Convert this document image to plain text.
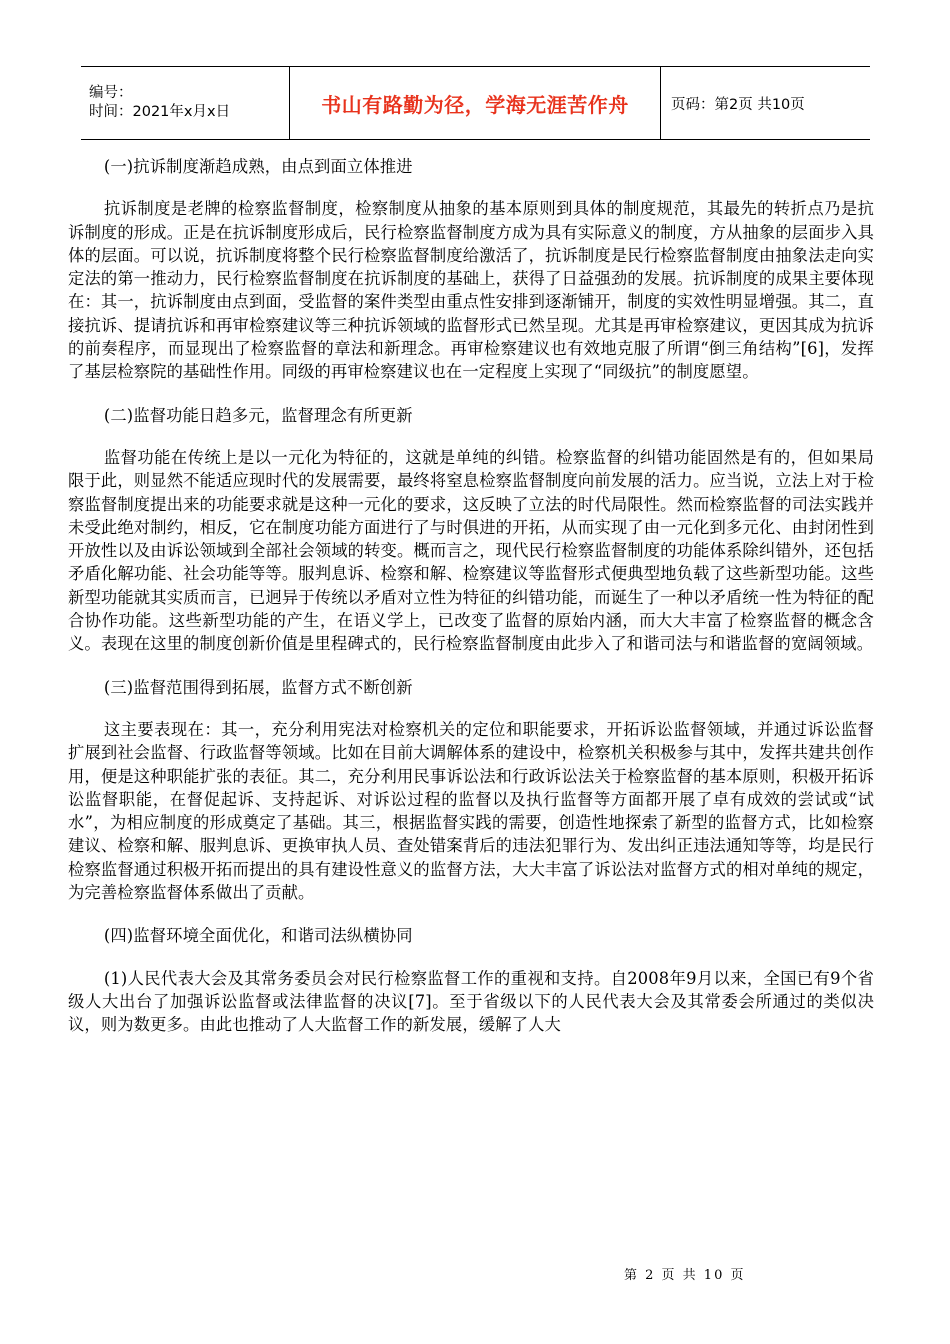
编号：
时间：2021年x月x日	书山有路勤为径，学海无涯苦作舟	页码：第2页 共10页

(一)抗诉制度渐趋成熟，由点到面立体推进

抗诉制度是老牌的检察监督制度，检察制度从抽象的基本原则到具体的制度规范，其最先的转折点乃是抗诉制度的形成。正是在抗诉制度形成后，民行检察监督制度方成为具有实际意义的制度，方从抽象的层面步入具体的层面。可以说，抗诉制度将整个民行检察监督制度给激活了，抗诉制度是民行检察监督制度由抽象法走向实定法的第一推动力，民行检察监督制度在抗诉制度的基础上，获得了日益强劲的发展。抗诉制度的成果主要体现在：其一，抗诉制度由点到面，受监督的案件类型由重点性安排到逐渐铺开，制度的实效性明显增强。其二，直接抗诉、提请抗诉和再审检察建议等三种抗诉领域的监督形式已然呈现。尤其是再审检察建议，更因其成为抗诉的前奏程序，而显现出了检察监督的章法和新理念。再审检察建议也有效地克服了所谓“倒三角结构”[6]，发挥了基层检察院的基础性作用。同级的再审检察建议也在一定程度上实现了“同级抗”的制度愿望。

(二)监督功能日趋多元，监督理念有所更新

监督功能在传统上是以一元化为特征的，这就是单纯的纠错。检察监督的纠错功能固然是有的，但如果局限于此，则显然不能适应现时代的发展需要，最终将窒息检察监督制度向前发展的活力。应当说，立法上对于检察监督制度提出来的功能要求就是这种一元化的要求，这反映了立法的时代局限性。然而检察监督的司法实践并未受此绝对制约，相反，它在制度功能方面进行了与时俱进的开拓，从而实现了由一元化到多元化、由封闭性到开放性以及由诉讼领域到全部社会领域的转变。概而言之，现代民行检察监督制度的功能体系除纠错外，还包括矛盾化解功能、社会功能等等。服判息诉、检察和解、检察建议等监督形式便典型地负载了这些新型功能。这些新型功能就其实质而言，已迥异于传统以矛盾对立性为特征的纠错功能，而诞生了一种以矛盾统一性为特征的配合协作功能。这些新型功能的产生，在语义学上，已改变了监督的原始内涵，而大大丰富了检察监督的概念含义。表现在这里的制度创新价值是里程碑式的，民行检察监督制度由此步入了和谐司法与和谐监督的宽阔领域。

(三)监督范围得到拓展，监督方式不断创新

这主要表现在：其一，充分利用宪法对检察机关的定位和职能要求，开拓诉讼监督领域，并通过诉讼监督扩展到社会监督、行政监督等领域。比如在目前大调解体系的建设中，检察机关积极参与其中，发挥共建共创作用，便是这种职能扩张的表征。其二，充分利用民事诉讼法和行政诉讼法关于检察监督的基本原则，积极开拓诉讼监督职能，在督促起诉、支持起诉、对诉讼过程的监督以及执行监督等方面都开展了卓有成效的尝试或“试水”，为相应制度的形成奠定了基础。其三，根据监督实践的需要，创造性地探索了新型的监督方式，比如检察建议、检察和解、服判息诉、更换审执人员、查处错案背后的违法犯罪行为、发出纠正违法通知等等，均是民行检察监督通过积极开拓而提出的具有建设性意义的监督方法，大大丰富了诉讼法对监督方式的相对单纯的规定，为完善检察监督体系做出了贡献。

(四)监督环境全面优化，和谐司法纵横协同

(1)人民代表大会及其常务委员会对民行检察监督工作的重视和支持。自2008年9月以来，全国已有9个省级人大出台了加强诉讼监督或法律监督的决议[7]。至于省级以下的人民代表大会及其常委会所通过的类似决议，则为数更多。由此也推动了人大监督工作的新发展，缓解了人大

第 2 页 共 10 页
